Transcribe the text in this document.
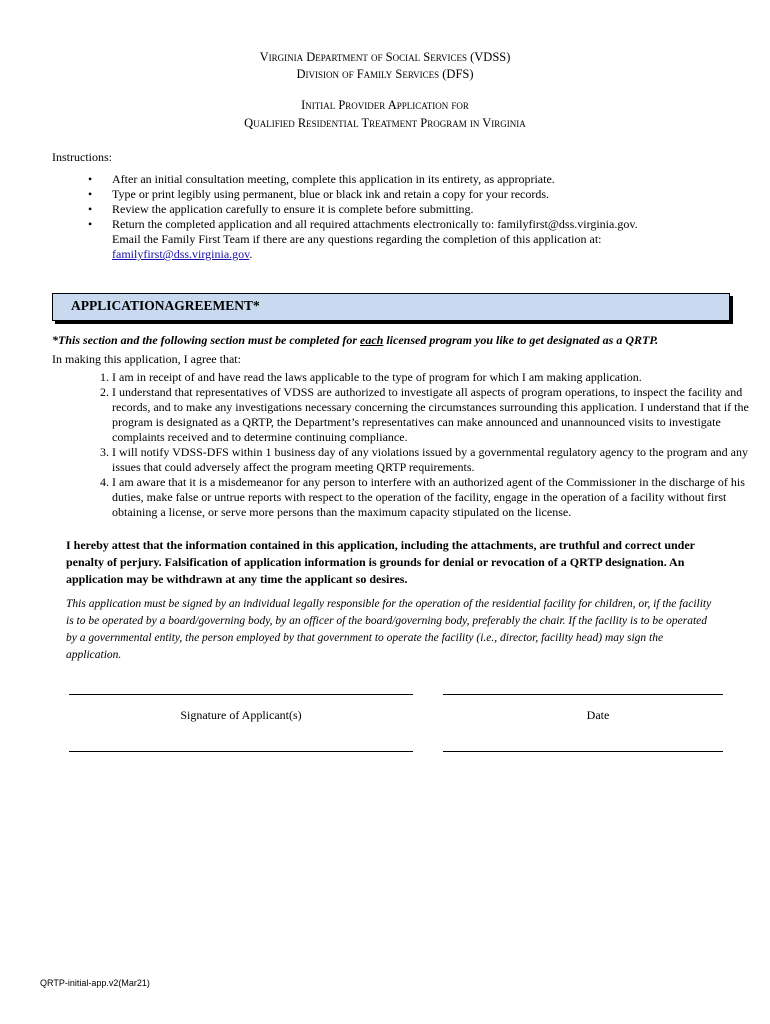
Virginia Department of Social Services (VDSS)
Division of Family Services (DFS)
Initial Provider Application for
Qualified Residential Treatment Program in Virginia
Instructions:
• After an initial consultation meeting, complete this application in its entirety, as appropriate.
• Type or print legibly using permanent, blue or black ink and retain a copy for your records.
• Review the application carefully to ensure it is complete before submitting.
• Return the completed application and all required attachments electronically to: familyfirst@dss.virginia.gov.
Email the Family First Team if there are any questions regarding the completion of this application at:
familyfirst@dss.virginia.gov.
APPLICATIONAGREEMENT*
*This section and the following section must be completed for each licensed program you like to get designated as a QRTP.
In making this application, I agree that:
1. I am in receipt of and have read the laws applicable to the type of program for which I am making application.
2. I understand that representatives of VDSS are authorized to investigate all aspects of program operations, to inspect the facility and records, and to make any investigations necessary concerning the circumstances surrounding this application. I understand that if the program is designated as a QRTP, the Department’s representatives can make announced and unannounced visits to investigate complaints received and to determine continuing compliance.
3. I will notify VDSS-DFS within 1 business day of any violations issued by a governmental regulatory agency to the program and any issues that could adversely affect the program meeting QRTP requirements.
4. I am aware that it is a misdemeanor for any person to interfere with an authorized agent of the Commissioner in the discharge of his duties, make false or untrue reports with respect to the operation of the facility, engage in the operation of a facility without first obtaining a license, or serve more persons than the maximum capacity stipulated on the license.
I hereby attest that the information contained in this application, including the attachments, are truthful and correct under penalty of perjury. Falsification of application information is grounds for denial or revocation of a QRTP designation. An application may be withdrawn at any time the applicant so desires.
This application must be signed by an individual legally responsible for the operation of the residential facility for children, or, if the facility is to be operated by a board/governing body, by an officer of the board/governing body, preferably the chair. If the facility is to be operated by a governmental entity, the person employed by that government to operate the facility (i.e., director, facility head) may sign the application.
Signature of Applicant(s)	Date
QRTP-initial-app.v2(Mar21)
